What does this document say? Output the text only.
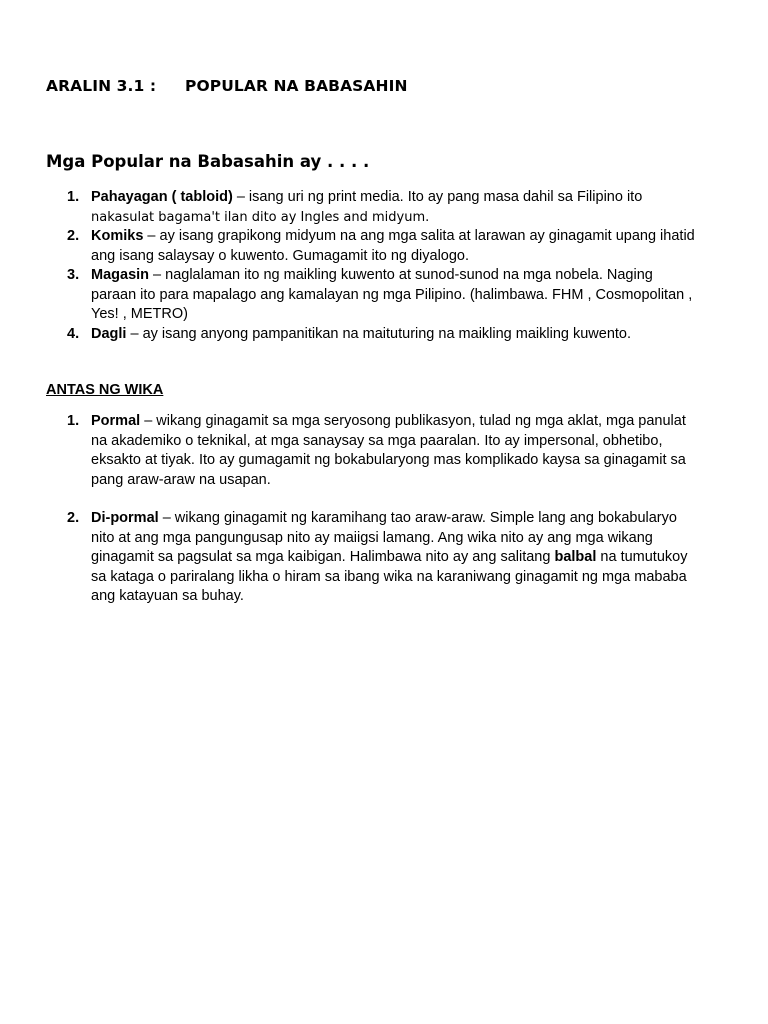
ARALIN 3.1 : POPULAR NA BABASAHIN
Mga Popular na Babasahin ay . . . .
1. Pahayagan ( tabloid) – isang uri ng print media. Ito ay pang masa dahil sa Filipino ito
nakasulat bagama't ilan dito ay Ingles and midyum.
2. Komiks – ay isang grapikong midyum na ang mga salita at larawan ay ginagamit upang ihatid ang isang salaysay o kuwento. Gumagamit ito ng diyalogo.
3. Magasin – naglalaman ito ng maikling kuwento at sunod-sunod na mga nobela. Naging paraan ito para mapalago ang kamalayan ng mga Pilipino. (halimbawa. FHM , Cosmopolitan , Yes! , METRO)
4. Dagli – ay isang anyong pampanitikan na maituturing na maikling maikling kuwento.
ANTAS NG WIKA
1. Pormal – wikang ginagamit sa mga seryosong publikasyon, tulad ng mga aklat, mga panulat na akademiko o teknikal, at mga sanaysay sa mga paaralan. Ito ay impersonal, obhetibo, eksakto at tiyak. Ito ay gumagamit ng bokabularyong mas komplikado kaysa sa ginagamit sa pang araw-araw na usapan.
2. Di-pormal – wikang ginagamit ng karamihang tao araw-araw. Simple lang ang bokabularyo nito at ang mga pangungusap nito ay maiigsi lamang. Ang wika nito ay ang mga wikang ginagamit sa pagsulat sa mga kaibigan. Halimbawa nito ay ang salitang balbal na tumutukoy sa kataga o pariralang likha o hiram sa ibang wika na karaniwang ginagamit ng mga mababa ang katayuan sa buhay.
